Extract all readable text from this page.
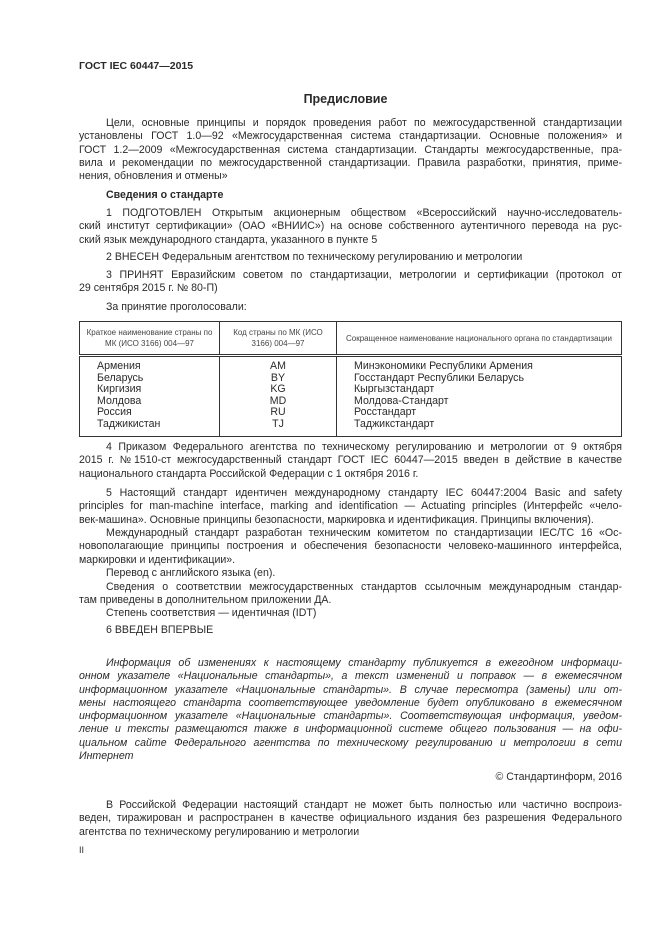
ГОСТ IEC 60447—2015
Предисловие
Цели, основные принципы и порядок проведения работ по межгосударственной стандартизации
установлены ГОСТ 1.0—92 «Межгосударственная система стандартизации. Основные положения» и
ГОСТ 1.2—2009 «Межгосударственная система стандартизации. Стандарты межгосударственные, пра-
вила и рекомендации по межгосударственной стандартизации. Правила разработки, принятия, приме-
нения, обновления и отмены»
Сведения о стандарте
1 ПОДГОТОВЛЕН Открытым акционерным обществом «Всероссийский научно-исследователь-
ский институт сертификации» (ОАО «ВНИИС») на основе собственного аутентичного перевода на рус-
ский язык международного стандарта, указанного в пункте 5
2 ВНЕСЕН Федеральным агентством по техническому регулированию и метрологии
3 ПРИНЯТ Евразийским советом по стандартизации, метрологии и сертификации (протокол от
29 сентября 2015 г. № 80-П)
За принятие проголосовали:
Краткое наименование страны по МК (ИСО 3166) 004—97	Код страны по МК (ИСО 3166) 004—97	Сокращенное наименование национального органа по стандартизации
Армения	AM	Минэкономики Республики Армения
Беларусь	BY	Госстандарт Республики Беларусь
Киргизия	KG	Кыргызстандарт
Молдова	MD	Молдова-Стандарт
Россия	RU	Росстандарт
Таджикистан	TJ	Таджикстандарт
4 Приказом Федерального агентства по техническому регулированию и метрологии от 9 октября
2015 г. №1510-ст межгосударственный стандарт ГОСТ IEC 60447—2015 введен в действие в качестве
национального стандарта Российской Федерации с 1 октября 2016 г.
5 Настоящий стандарт идентичен международному стандарту IEC 60447:2004 Basic and safety
principles for man-machine interface, marking and identification — Actuating principles (Интерфейс «чело-
век-машина». Основные принципы безопасности, маркировка и идентификация. Принципы включения).
Международный стандарт разработан техническим комитетом по стандартизации IEC/TC 16 «Ос-
новополагающие принципы построения и обеспечения безопасности человеко-машинного интерфейса,
маркировки и идентификации».
Перевод с английского языка (en).
Сведения о соответствии межгосударственных стандартов ссылочным международным стандар-
там приведены в дополнительном приложении ДА.
Степень соответствия — идентичная (IDT)
6 ВВЕДЕН ВПЕРВЫЕ
Информация об изменениях к настоящему стандарту публикуется в ежегодном информаци-
онном указателе «Национальные стандарты», а текст изменений и поправок — в ежемесячном
информационном указателе «Национальные стандарты». В случае пересмотра (замены) или от-
мены настоящего стандарта соответствующее уведомление будет опубликовано в ежемесячном
информационном указателе «Национальные стандарты». Соответствующая информация, уведом-
ление и тексты размещаются также в информационной системе общего пользования — на офи-
циальном сайте Федерального агентства по техническому регулированию и метрологии в сети
Интернет
© Стандартинформ, 2016
В Российской Федерации настоящий стандарт не может быть полностью или частично воспроиз-
веден, тиражирован и распространен в качестве официального издания без разрешения Федерального
агентства по техническому регулированию и метрологии
II
